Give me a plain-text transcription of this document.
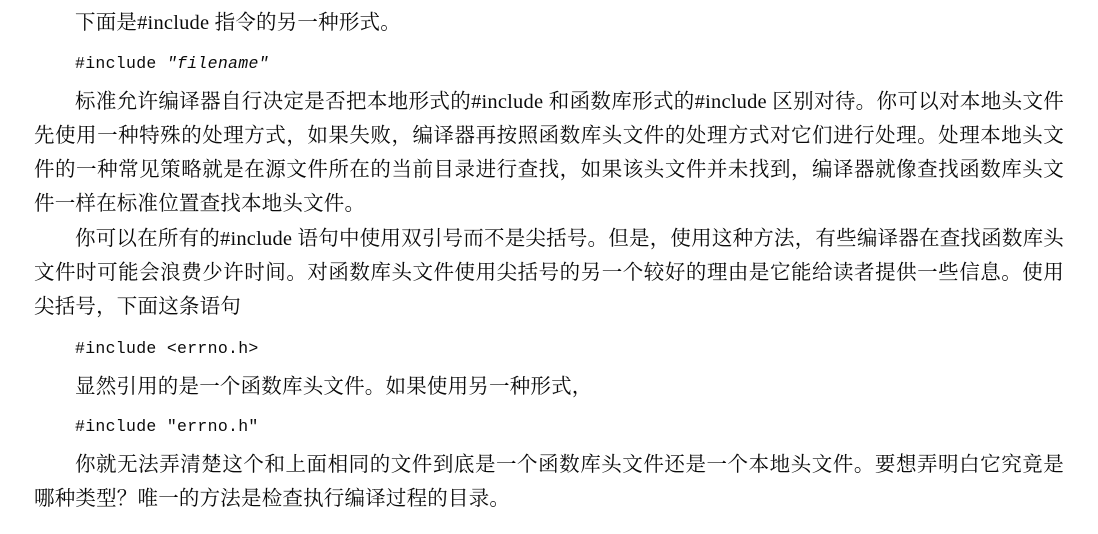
下面是#include 指令的另一种形式。

#include "filename"

标准允许编译器自行决定是否把本地形式的#include 和函数库形式的#include 区别对待。你可以对本地头文件先使用一种特殊的处理方式，如果失败，编译器再按照函数库头文件的处理方式对它们进行处理。处理本地头文件的一种常见策略就是在源文件所在的当前目录进行查找，如果该头文件并未找到，编译器就像查找函数库头文件一样在标准位置查找本地头文件。

你可以在所有的#include 语句中使用双引号而不是尖括号。但是，使用这种方法，有些编译器在查找函数库头文件时可能会浪费少许时间。对函数库头文件使用尖括号的另一个较好的理由是它能给读者提供一些信息。使用尖括号，下面这条语句

#include <errno.h>

显然引用的是一个函数库头文件。如果使用另一种形式，

#include "errno.h"

你就无法弄清楚这个和上面相同的文件到底是一个函数库头文件还是一个本地头文件。要想弄明白它究竟是哪种类型？唯一的方法是检查执行编译过程的目录。
